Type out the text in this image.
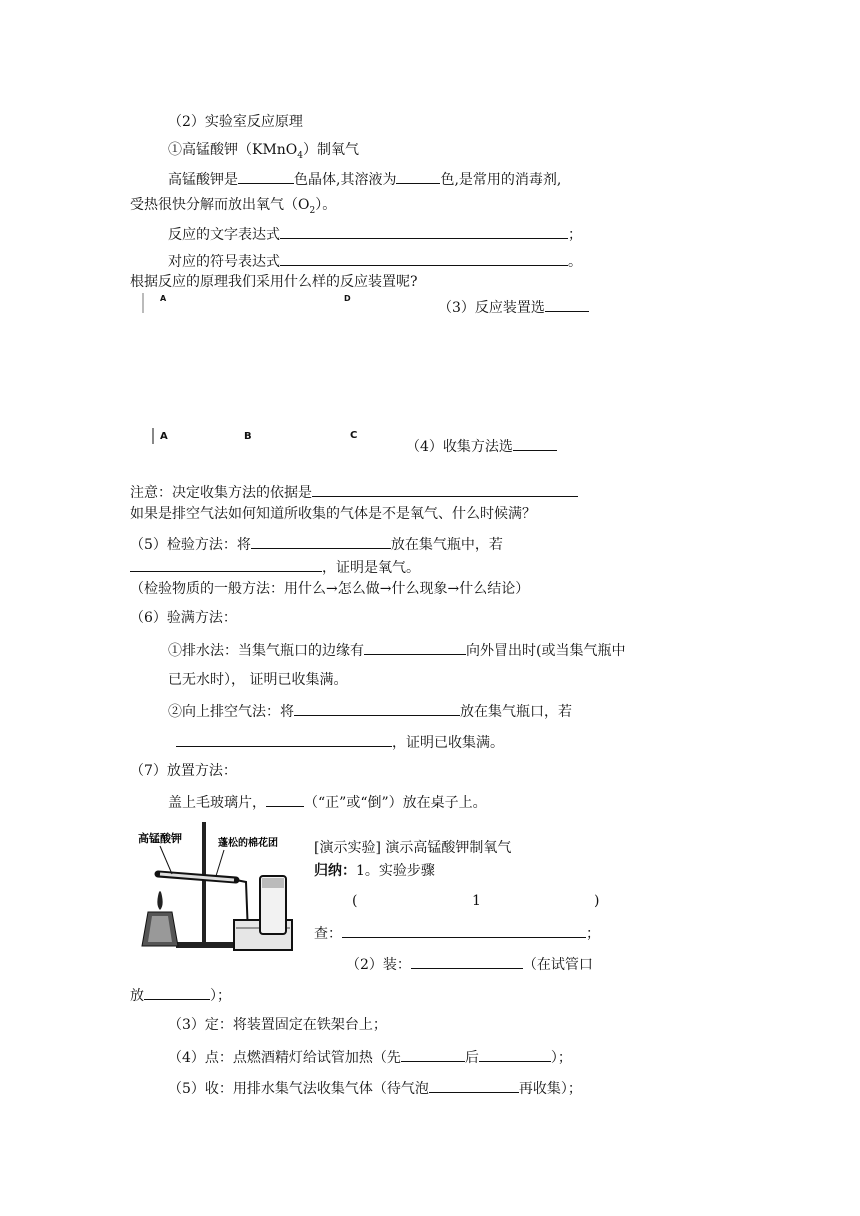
（2）实验室反应原理
①高锰酸钾（KMnO$_4$）制氧气
高锰酸钾是	色晶体,其溶液为	色,是常用的消毒剂,
受热很快分解而放出氧气$(O_2)$。
反应的文字表达式	；
对应的符号表达式	。
根据反应的原理我们采用什么样的反应装置呢?
A	D
（3）反应装置选
A	B	C
（4）收集方法选
注意：决定收集方法的依据是
如果是排空气法如何知道所收集的气体是不是氧气、什么时候满？
（5）检验方法：将	放在集气瓶中，若
，证明是氧气。
（检验物质的一般方法：用什么→怎么做→什么现象→什么结论）
（6）验满方法：
①排水法：当集气瓶口的边缘有	向外冒出时(或当集气瓶中
已无水时）， 证明已收集满。
②向上排空气法：将	放在集气瓶口，若
，证明已收集满。
（7）放置方法：
盖上毛玻璃片，	（“正”或“倒”）放在桌子上。
高锰酸钾	蓬松的棉花团	[演示实验] 演示高锰酸钾制氧气
归纳：1。实验步骤
(	1	)
查：	；
（2）装：	（在试管口
放	）；
（3）定：将装置固定在铁架台上；
（4）点：点燃酒精灯给试管加热（先	后	）；
（5）收：用排水集气法收集气体（待气泡	再收集）；
